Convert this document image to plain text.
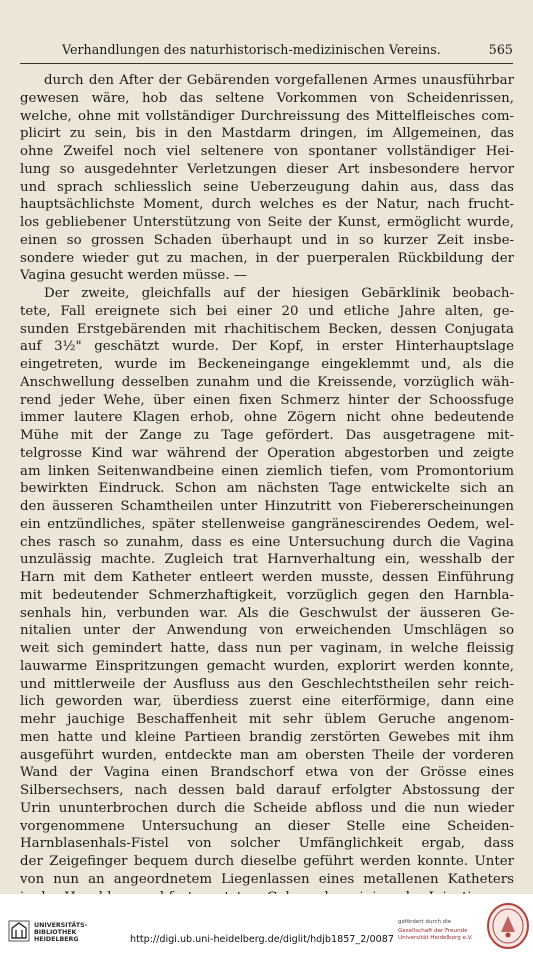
Verhandlungen des naturhistorisch-medizinischen Vereins.	565
durch den After der Gebärenden vorgefallenen Armes unausführbar
gewesen wäre, hob das seltene Vorkommen von Scheidenrissen,
welche, ohne mit vollständiger Durchreissung des Mittelfleisches com-
plicirt zu sein, bis in den Mastdarm dringen, im Allgemeinen, das
ohne Zweifel noch viel seltenere von spontaner vollständiger Hei-
lung so ausgedehnter Verletzungen dieser Art insbesondere hervor
und sprach schliesslich seine Ueberzeugung dahin aus, dass das
hauptsächlichste Moment, durch welches es der Natur, nach frucht-
los gebliebener Unterstützung von Seite der Kunst, ermöglicht wurde,
einen so grossen Schaden überhaupt und in so kurzer Zeit insbe-
sondere wieder gut zu machen, in der puerperalen Rückbildung der
Vagina gesucht werden müsse. —
Der zweite, gleichfalls auf der hiesigen Gebärklinik beobach-
tete, Fall ereignete sich bei einer 20 und etliche Jahre alten, ge-
sunden Erstgebärenden mit rhachitischem Becken, dessen Conjugata
auf 3½" geschätzt wurde. Der Kopf, in erster Hinterhauptslage
eingetreten, wurde im Beckeneingange eingeklemmt und, als die
Anschwellung desselben zunahm und die Kreissende, vorzüglich wäh-
rend jeder Wehe, über einen fixen Schmerz hinter der Schoossfuge
immer lautere Klagen erhob, ohne Zögern nicht ohne bedeutende
Mühe mit der Zange zu Tage gefördert. Das ausgetragene mit-
telgrosse Kind war während der Operation abgestorben und zeigte
am linken Seitenwandbeine einen ziemlich tiefen, vom Promontorium
bewirkten Eindruck. Schon am nächsten Tage entwickelte sich an
den äusseren Schamtheilen unter Hinzutritt von Fiebererscheinungen
ein entzündliches, später stellenweise gangränescirendes Oedem, wel-
ches rasch so zunahm, dass es eine Untersuchung durch die Vagina
unzulässig machte. Zugleich trat Harnverhaltung ein, wesshalb der
Harn mit dem Katheter entleert werden musste, dessen Einführung
mit bedeutender Schmerzhaftigkeit, vorzüglich gegen den Harnbla-
senhals hin, verbunden war. Als die Geschwulst der äusseren Ge-
nitalien unter der Anwendung von erweichenden Umschlägen so
weit sich gemindert hatte, dass nun per vaginam, in welche fleissig
lauwarme Einspritzungen gemacht wurden, explorirt werden konnte,
und mittlerweile der Ausfluss aus den Geschlechtstheilen sehr reich-
lich geworden war, überdiess zuerst eine eiterförmige, dann eine
mehr jauchige Beschaffenheit mit sehr üblem Geruche angenom-
men hatte und kleine Partieen brandig zerstörten Gewebes mit ihm
ausgeführt wurden, entdeckte man am obersten Theile der vorderen
Wand der Vagina einen Brandschorf etwa von der Grösse eines
Silbersechsers, nach dessen bald darauf erfolgter Abstossung der
Urin ununterbrochen durch die Scheide abfloss und die nun wieder
vorgenommene Untersuchung an dieser Stelle eine Scheiden-
Harnblasenhals-Fistel von solcher Umfänglichkeit ergab, dass
der Zeigefinger bequem durch dieselbe geführt werden konnte. Unter
von nun an angeordnetem Liegenlassen eines metallenen Katheters
UNIVERSITÄTS-
BIBLIOTHEK
HEIDELBERG	http://digi.ub.uni-heidelberg.de/diglit/hdjb1857_2/0087
gefördert durch die
Gesellschaft der Freunde
Universität Heidelberg e.V.
